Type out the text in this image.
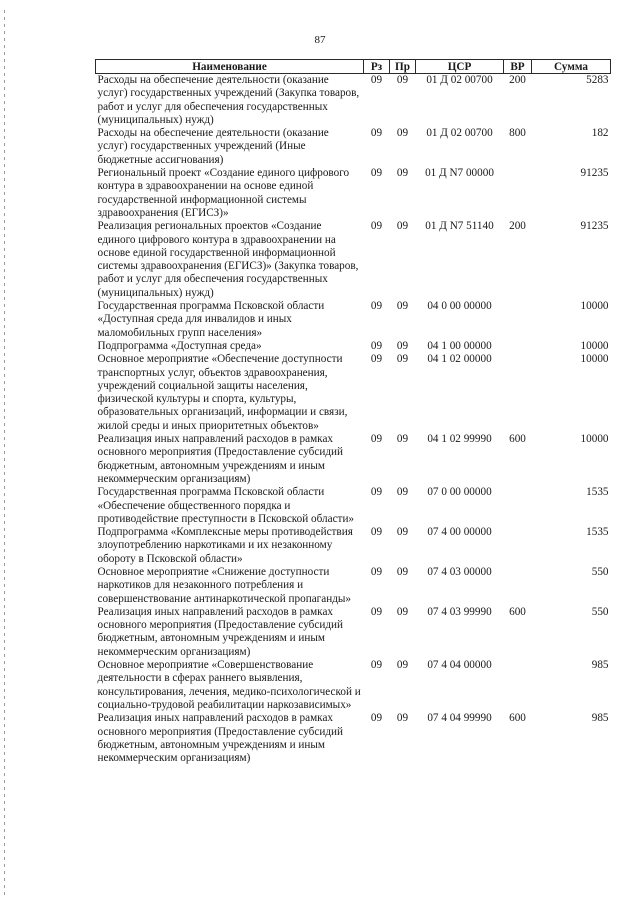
87
Наименование	Рз	Пр	ЦСР	ВР	Сумма
Расходы на обеспечение деятельности (оказание услуг) государственных учреждений (Закупка товаров, работ и услуг для обеспечения государственных (муниципальных) нужд)	09	09	01 Д 02 00700	200	5283
Расходы на обеспечение деятельности (оказание услуг) государственных учреждений (Иные бюджетные ассигнования)	09	09	01 Д 02 00700	800	182
Региональный проект «Создание единого цифрового контура в здравоохранении на основе единой государственной информационной системы здравоохранения (ЕГИСЗ)»	09	09	01 Д N7 00000		91235
Реализация региональных проектов «Создание единого цифрового контура в здравоохранении на основе единой государственной информационной системы здравоохранения (ЕГИСЗ)» (Закупка товаров, работ и услуг для обеспечения государственных (муниципальных) нужд)	09	09	01 Д N7 51140	200	91235
Государственная программа Псковской области «Доступная среда для инвалидов и иных маломобильных групп населения»	09	09	04 0 00 00000		10000
Подпрограмма «Доступная среда»	09	09	04 1 00 00000		10000
Основное мероприятие «Обеспечение доступности транспортных услуг, объектов здравоохранения, учреждений социальной защиты населения, физической культуры и спорта, культуры, образовательных организаций, информации и связи, жилой среды и иных приоритетных объектов»	09	09	04 1 02 00000		10000
Реализация иных направлений расходов в рамках основного мероприятия (Предоставление субсидий бюджетным, автономным учреждениям и иным некоммерческим организациям)	09	09	04 1 02 99990	600	10000
Государственная программа Псковской области «Обеспечение общественного порядка и противодействие преступности в Псковской области»	09	09	07 0 00 00000		1535
Подпрограмма «Комплексные меры противодействия злоупотреблению наркотиками и их незаконному обороту в Псковской области»	09	09	07 4 00 00000		1535
Основное мероприятие «Снижение доступности наркотиков для незаконного потребления и совершенствование антинаркотической пропаганды»	09	09	07 4 03 00000		550
Реализация иных направлений расходов в рамках основного мероприятия (Предоставление субсидий бюджетным, автономным учреждениям и иным некоммерческим организациям)	09	09	07 4 03 99990	600	550
Основное мероприятие «Совершенствование деятельности в сферах раннего выявления, консультирования, лечения, медико-психологической и социально-трудовой реабилитации наркозависимых»	09	09	07 4 04 00000		985
Реализация иных направлений расходов в рамках основного мероприятия (Предоставление субсидий бюджетным, автономным учреждениям и иным некоммерческим организациям)	09	09	07 4 04 99990	600	985
